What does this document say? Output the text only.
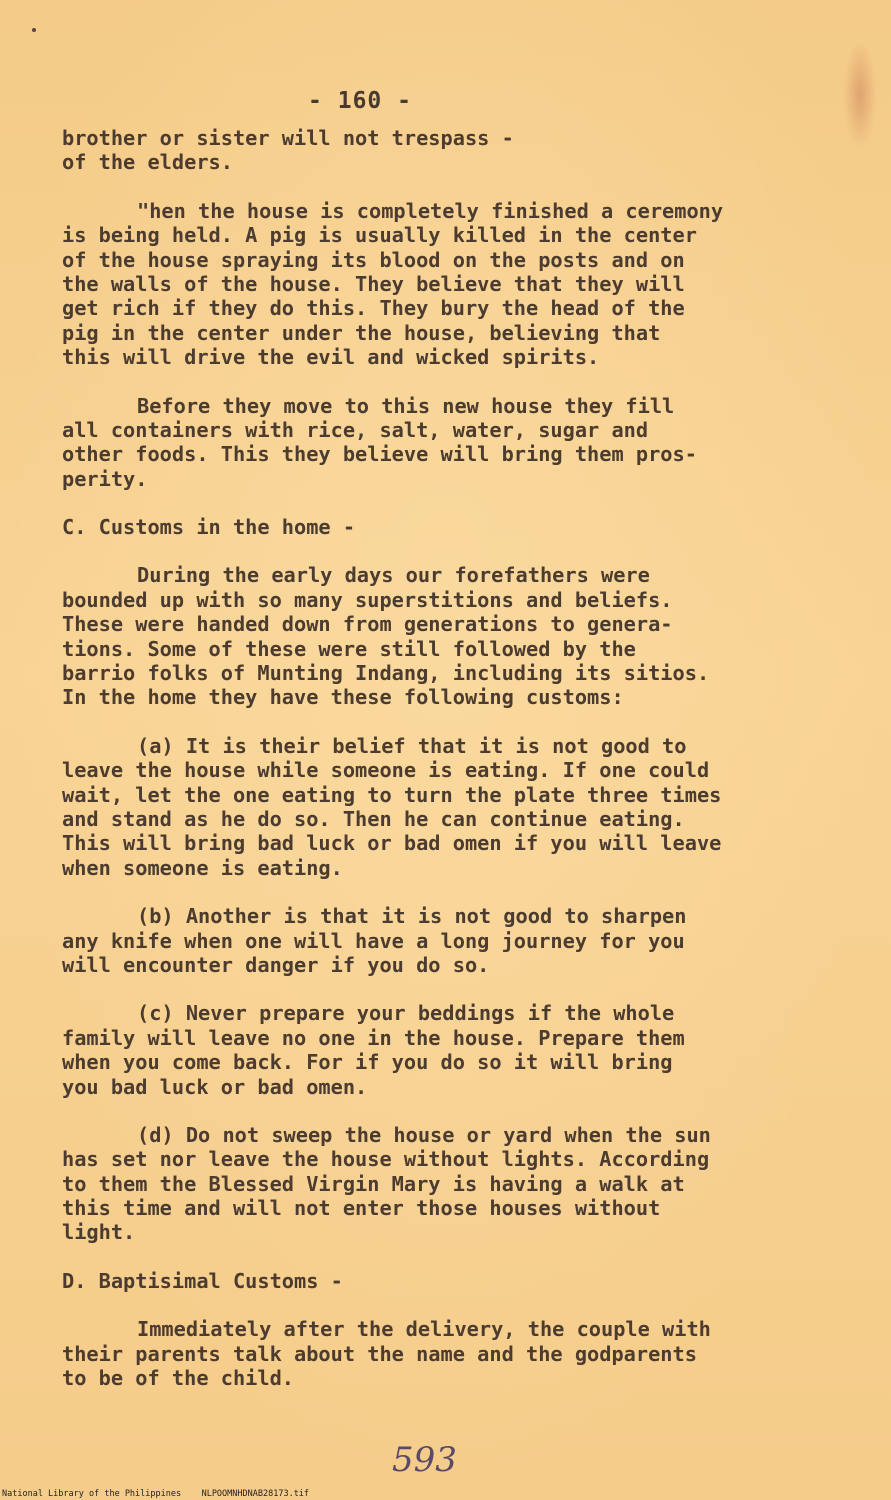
- 160 -
brother or sister will not trespass -
of the elders.
"hen the house is completely finished a ceremony
is being held. A pig is usually killed in the center
of the house spraying its blood on the posts and on
the walls of the house. They believe that they will
get rich if they do this. They bury the head of the
pig in the center under the house, believing that
this will drive the evil and wicked spirits.
Before they move to this new house they fill
all containers with rice, salt, water, sugar and
other foods. This they believe will bring them pros-
perity.
C. Customs in the home -
During the early days our forefathers were
bounded up with so many superstitions and beliefs.
These were handed down from generations to genera-
tions. Some of these were still followed by the
barrio folks of Munting Indang, including its sitios.
In the home they have these following customs:
(a) It is their belief that it is not good to
leave the house while someone is eating. If one could
wait, let the one eating to turn the plate three times
and stand as he do so. Then he can continue eating.
This will bring bad luck or bad omen if you will leave
when someone is eating.
(b) Another is that it is not good to sharpen
any knife when one will have a long journey for you
will encounter danger if you do so.
(c) Never prepare your beddings if the whole
family will leave no one in the house. Prepare them
when you come back. For if you do so it will bring
you bad luck or bad omen.
(d) Do not sweep the house or yard when the sun
has set nor leave the house without lights. According
to them the Blessed Virgin Mary is having a walk at
this time and will not enter those houses without
light.
D. Baptisimal Customs -
Immediately after the delivery, the couple with
their parents talk about the name and the godparents
to be of the child.
593
National Library of the Philippines    NLPOOMNHDNAB28173.tif
